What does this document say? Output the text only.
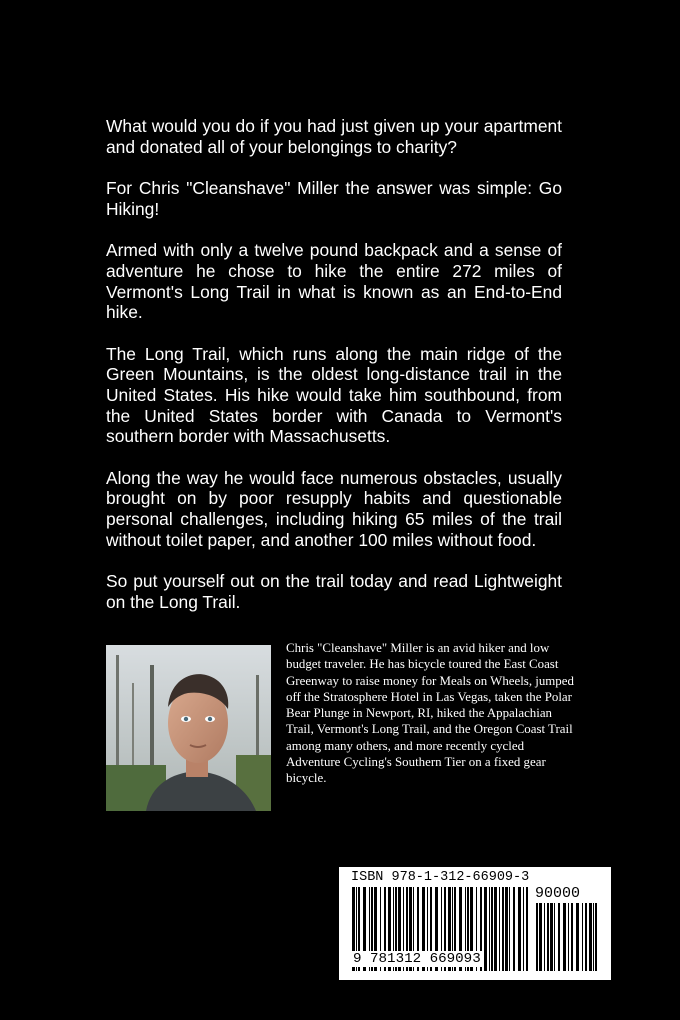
What would you do if you had just given up your apartment and donated all of your belongings to charity?

For Chris "Cleanshave" Miller the answer was simple: Go Hiking!

Armed with only a twelve pound backpack and a sense of adventure he chose to hike the entire 272 miles of Vermont's Long Trail in what is known as an End-to-End hike.

The Long Trail, which runs along the main ridge of the Green Mountains, is the oldest long-distance trail in the United States. His hike would take him southbound, from the United States border with Canada to Vermont's southern border with Massachusetts.

Along the way he would face numerous obstacles, usually brought on by poor resupply habits and questionable personal challenges, including hiking 65 miles of the trail without toilet paper, and another 100 miles without food.

So put yourself out on the trail today and read Lightweight on the Long Trail.

Chris "Cleanshave" Miller is an avid hiker and low budget traveler. He has bicycle toured the East Coast Greenway to raise money for Meals on Wheels, jumped off the Stratosphere Hotel in Las Vegas, taken the Polar Bear Plunge in Newport, RI, hiked the Appalachian Trail, Vermont's Long Trail, and the Oregon Coast Trail among many others, and more recently cycled Adventure Cycling's Southern Tier on a fixed gear bicycle.

ISBN 978-1-312-66909-3

90000

9 781312 669093
